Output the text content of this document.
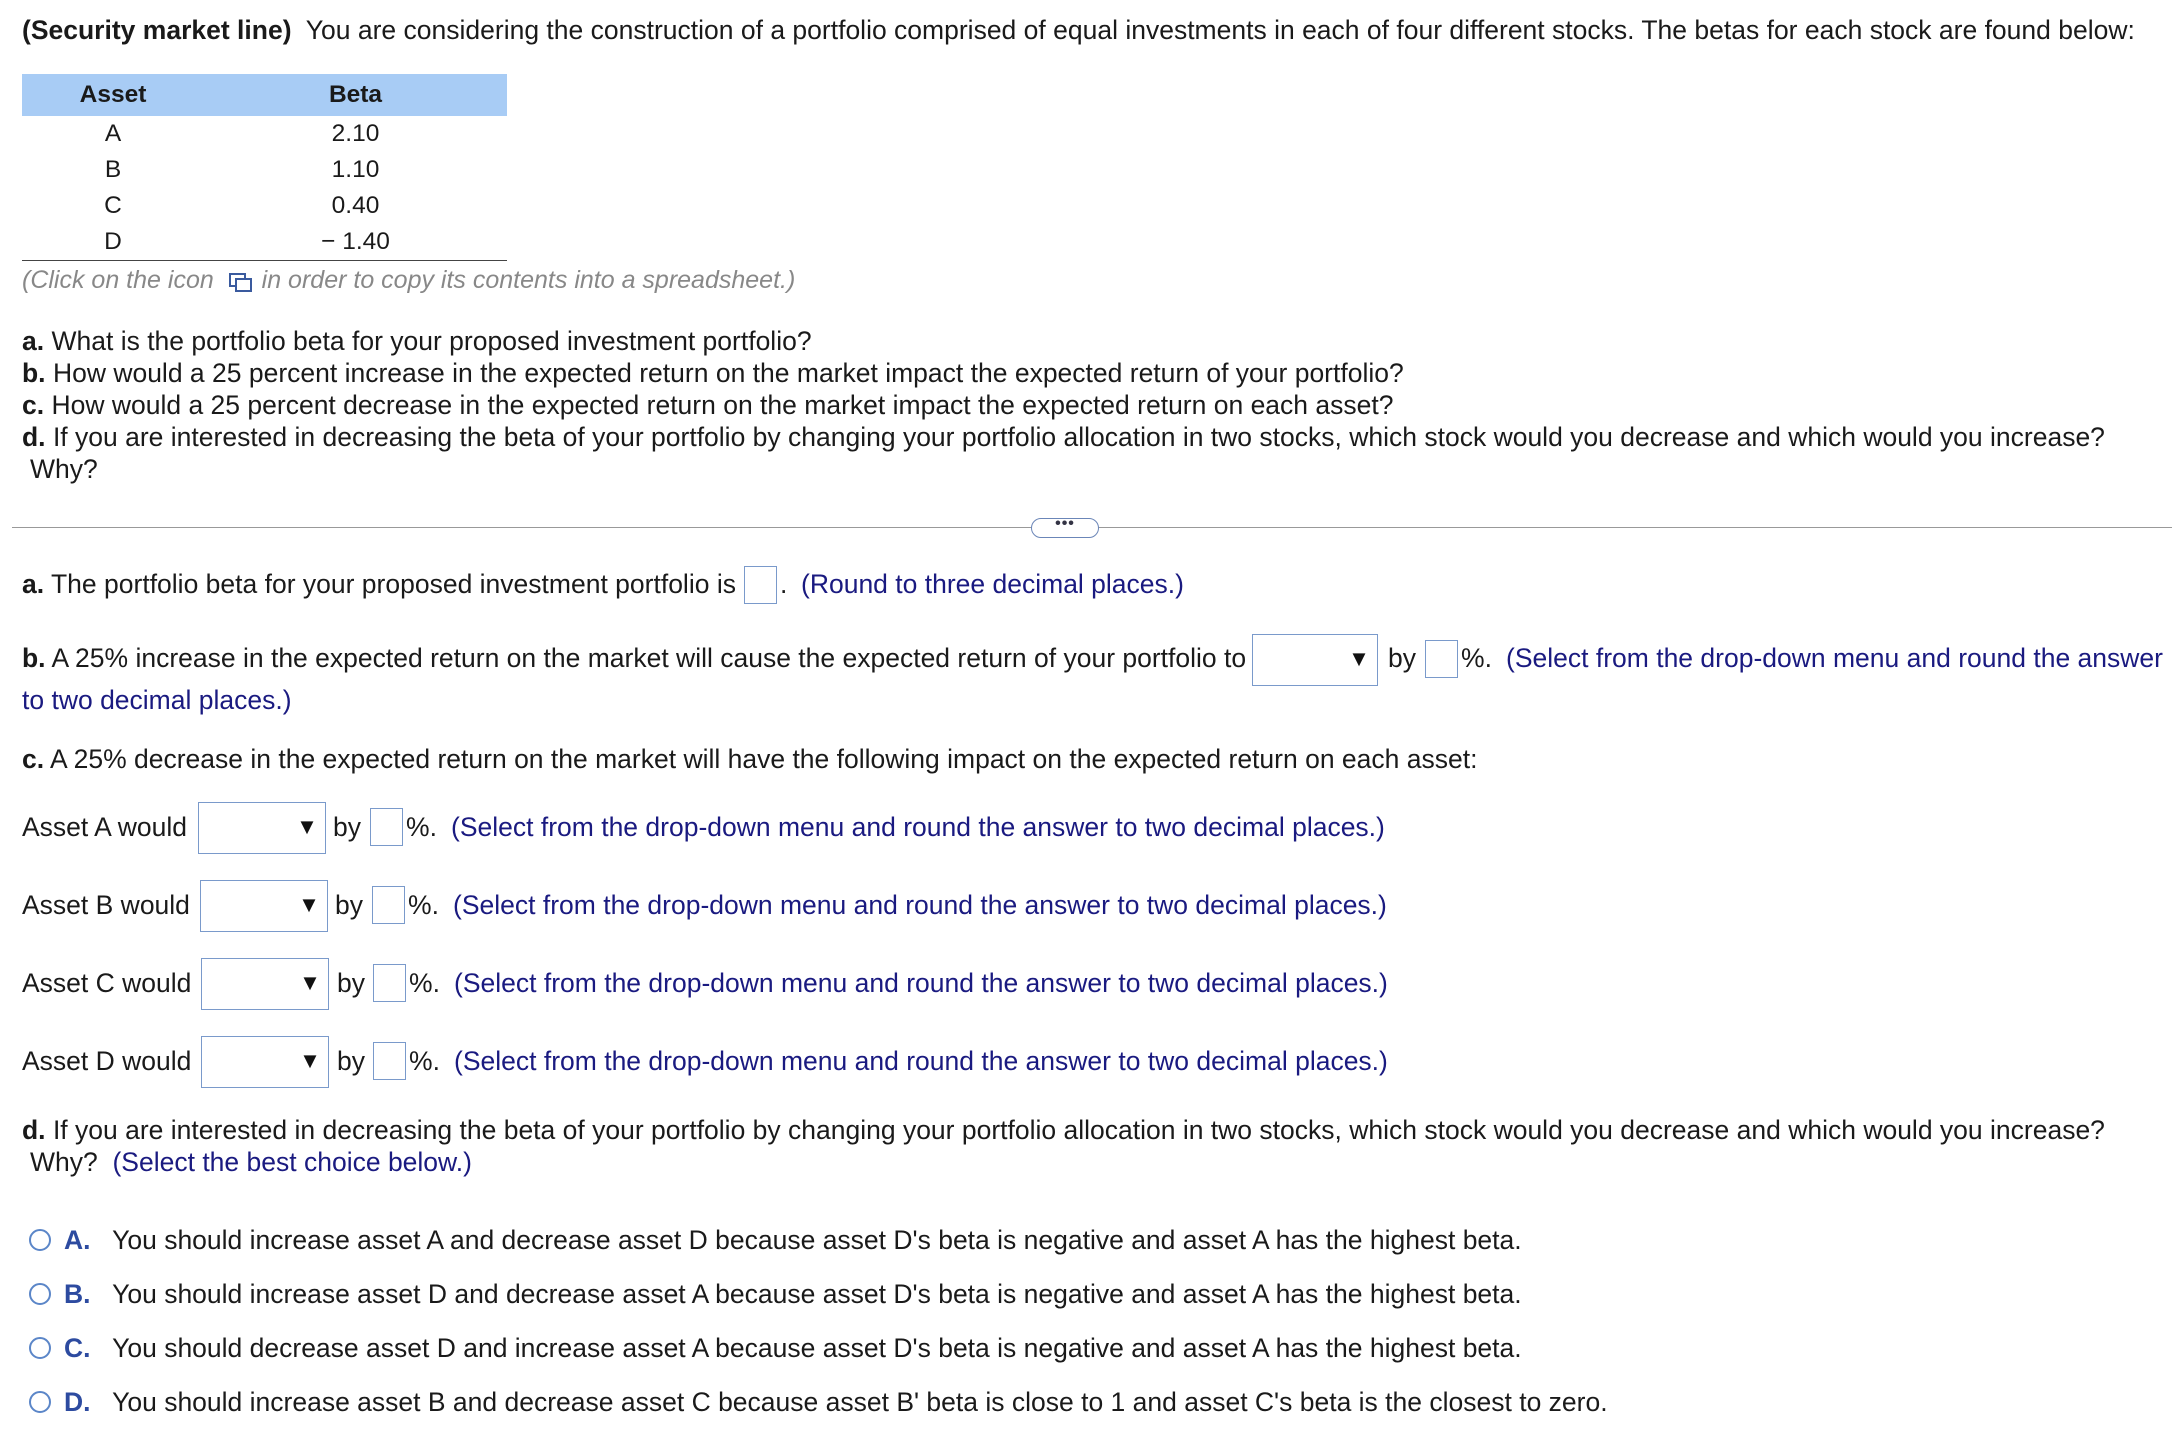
(Security market line) You are considering the construction of a portfolio comprised of equal investments in each of four different stocks. The betas for each stock are found below:
Asset	Beta
A	2.10
B	1.10
C	0.40
D	− 1.40
(Click on the icon in order to copy its contents into a spreadsheet.)
a. What is the portfolio beta for your proposed investment portfolio?
b. How would a 25 percent increase in the expected return on the market impact the expected return of your portfolio?
c. How would a 25 percent decrease in the expected return on the market impact the expected return on each asset?
d. If you are interested in decreasing the beta of your portfolio by changing your portfolio allocation in two stocks, which stock would you decrease and which would you increase?
Why?
•••
a. The portfolio beta for your proposed investment portfolio is . (Round to three decimal places.)
b. A 25% increase in the expected return on the market will cause the expected return of your portfolio to	▼ by %. (Select from the drop-down menu and round the answer
to two decimal places.)
c. A 25% decrease in the expected return on the market will have the following impact on the expected return on each asset:
Asset A would	▼ by %. (Select from the drop-down menu and round the answer to two decimal places.)
Asset B would	▼ by %. (Select from the drop-down menu and round the answer to two decimal places.)
Asset C would	▼ by %. (Select from the drop-down menu and round the answer to two decimal places.)
Asset D would	▼ by %. (Select from the drop-down menu and round the answer to two decimal places.)
d. If you are interested in decreasing the beta of your portfolio by changing your portfolio allocation in two stocks, which stock would you decrease and which would you increase?
Why? (Select the best choice below.)
A. You should increase asset A and decrease asset D because asset D's beta is negative and asset A has the highest beta.
B. You should increase asset D and decrease asset A because asset D's beta is negative and asset A has the highest beta.
C. You should decrease asset D and increase asset A because asset D's beta is negative and asset A has the highest beta.
D. You should increase asset B and decrease asset C because asset B' beta is close to 1 and asset C's beta is the closest to zero.
